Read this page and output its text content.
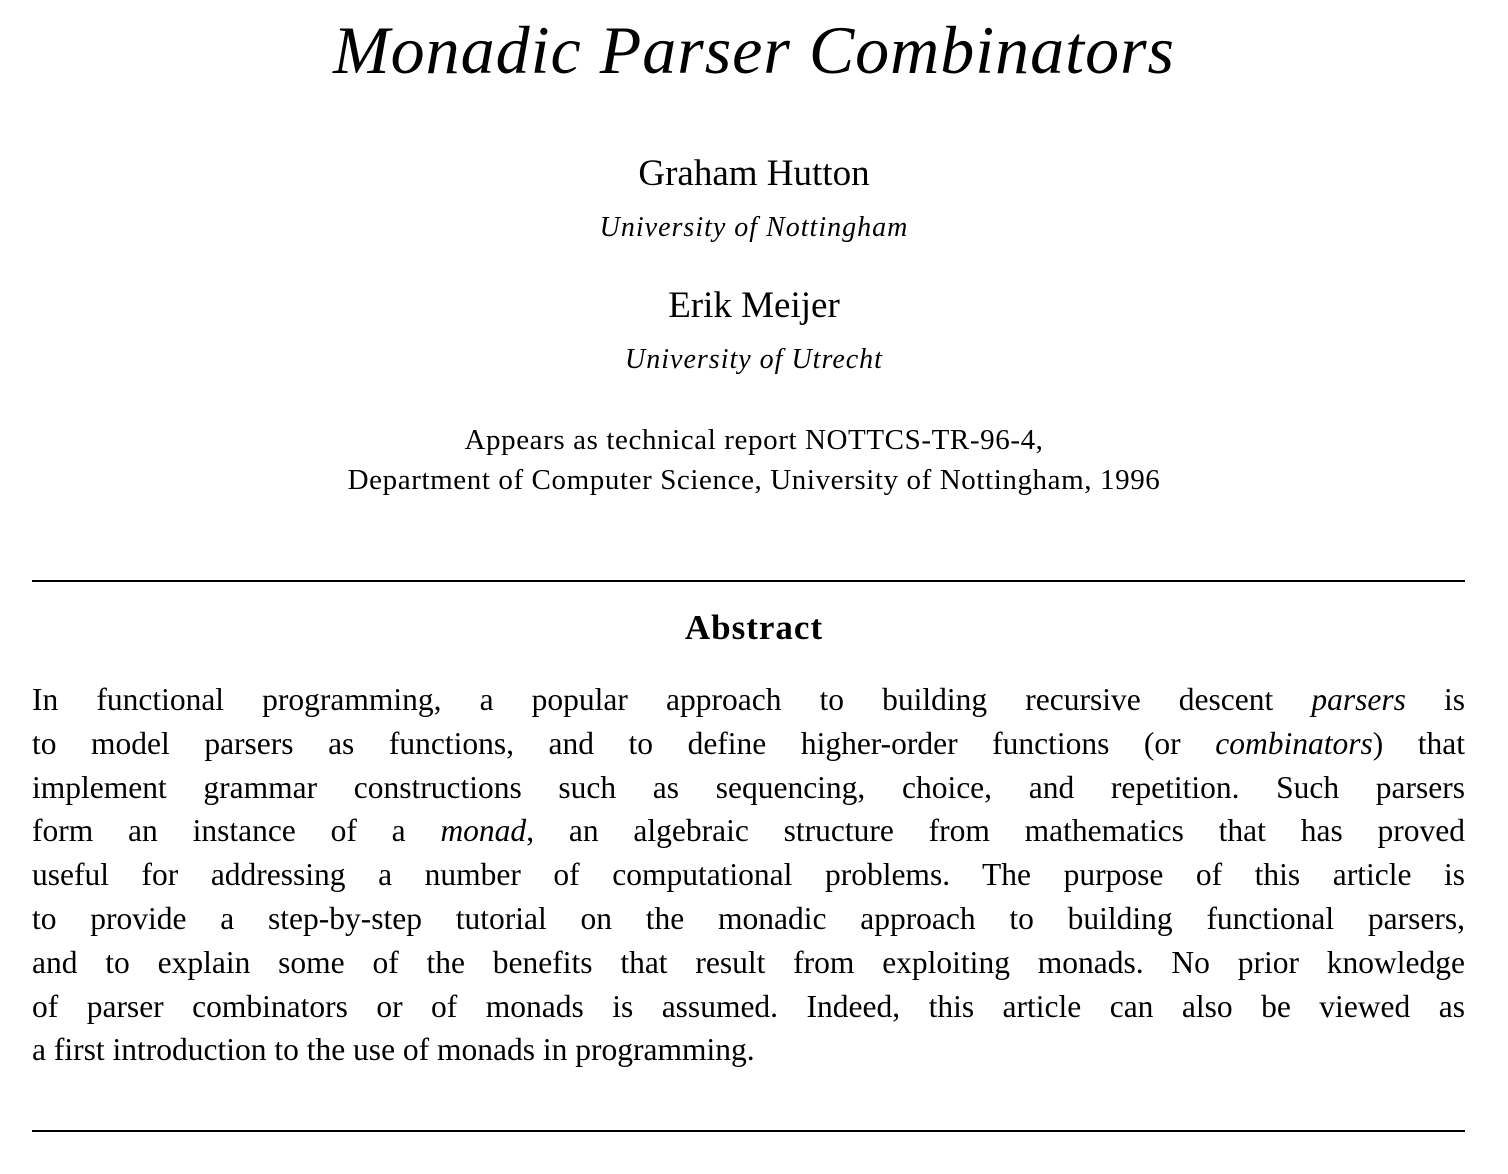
Monadic Parser Combinators
Graham Hutton
University of Nottingham
Erik Meijer
University of Utrecht
Appears as technical report NOTTCS-TR-96-4,
Department of Computer Science, University of Nottingham, 1996
Abstract
In functional programming, a popular approach to building recursive descent parsers is
to model parsers as functions, and to define higher-order functions (or combinators) that
implement grammar constructions such as sequencing, choice, and repetition. Such parsers
form an instance of a monad, an algebraic structure from mathematics that has proved
useful for addressing a number of computational problems. The purpose of this article is
to provide a step-by-step tutorial on the monadic approach to building functional parsers,
and to explain some of the benefits that result from exploiting monads. No prior knowledge
of parser combinators or of monads is assumed. Indeed, this article can also be viewed as
a first introduction to the use of monads in programming.
